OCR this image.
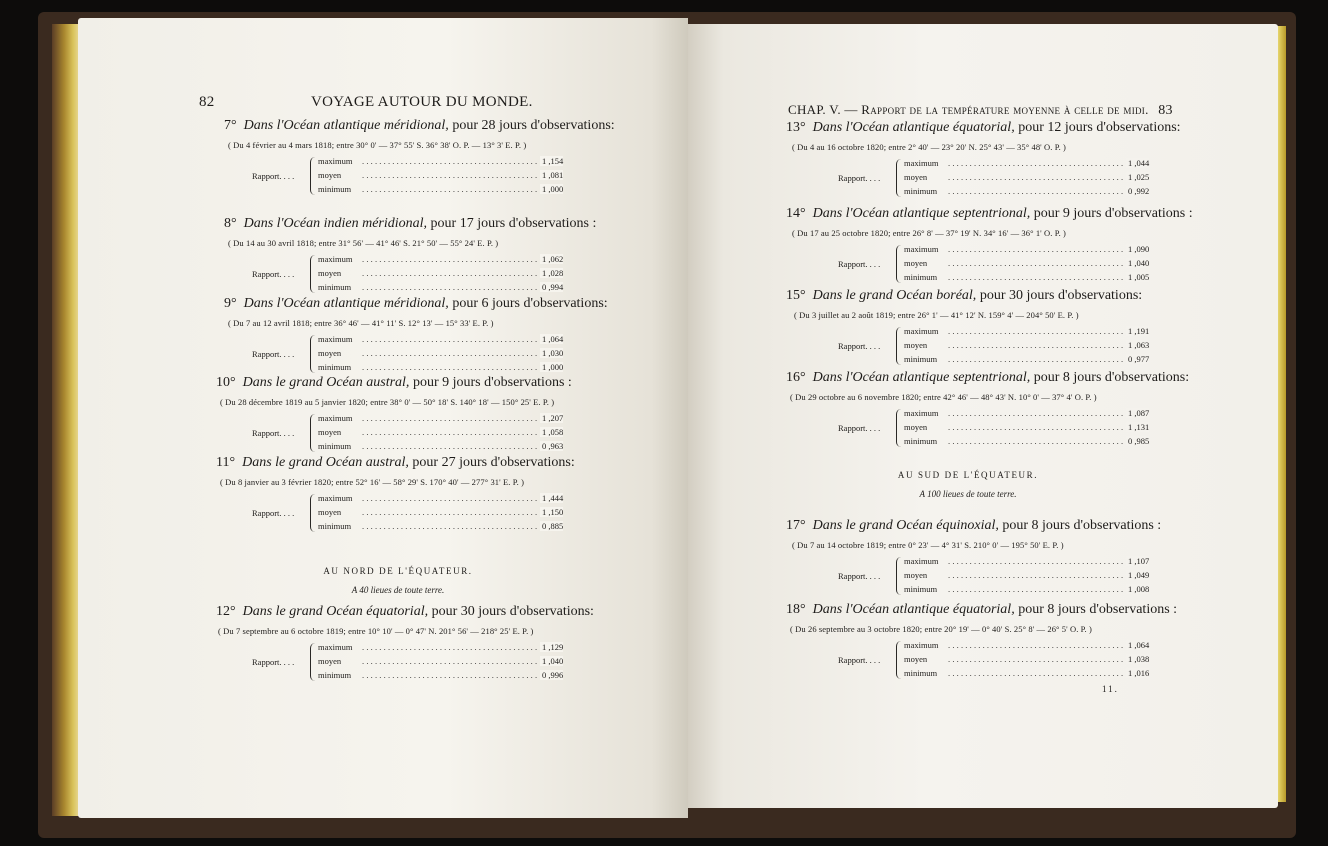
82	VOYAGE AUTOUR DU MONDE.
7° Dans l'Océan atlantique méridional, pour 28 jours d'observations:
( Du 4 février au 4 mars 1818; entre 30° 0' — 37° 55' S. 36° 38' O. P. — 13° 3' E. P. )
Rapport. . . .
maximum ......................................... 1 ,154
moyen ......................................... 1 ,081
minimum ......................................... 1 ,000
8° Dans l'Océan indien méridional, pour 17 jours d'observations :
( Du 14 au 30 avril 1818; entre 31° 56' — 41° 46' S. 21° 50' — 55° 24' E. P. )
Rapport. . . .
maximum ......................................... 1 ,062
moyen ......................................... 1 ,028
minimum ......................................... 0 ,994
9° Dans l'Océan atlantique méridional, pour 6 jours d'observations:
( Du 7 au 12 avril 1818; entre 36° 46' — 41° 11' S. 12° 13' — 15° 33' E. P. )
Rapport. . . .
maximum ......................................... 1 ,064
moyen ......................................... 1 ,030
minimum ......................................... 1 ,000
10° Dans le grand Océan austral, pour 9 jours d'observations :
( Du 28 décembre 1819 au 5 janvier 1820; entre 38° 0' — 50° 18' S. 140° 18' — 150° 25' E. P. )
Rapport. . . .
maximum ......................................... 1 ,207
moyen ......................................... 1 ,058
minimum ......................................... 0 ,963
11° Dans le grand Océan austral, pour 27 jours d'observations:
( Du 8 janvier au 3 février 1820; entre 52° 16' — 58° 29' S. 170° 40' — 277° 31' E. P. )
Rapport. . . .
maximum ......................................... 1 ,444
moyen ......................................... 1 ,150
minimum ......................................... 0 ,885
AU NORD DE L'ÉQUATEUR.
A 40 lieues de toute terre.
12° Dans le grand Océan équatorial, pour 30 jours d'observations:
( Du 7 septembre au 6 octobre 1819; entre 10° 10' — 0° 47' N. 201° 56' — 218° 25' E. P. )
Rapport. . . .
maximum ......................................... 1 ,129
moyen ......................................... 1 ,040
minimum ......................................... 0 ,996
CHAP. V. — Rapport de la température moyenne à celle de midi. 83
13° Dans l'Océan atlantique équatorial, pour 12 jours d'observations:
( Du 4 au 16 octobre 1820; entre 2° 40' — 23° 20' N. 25° 43' — 35° 48' O. P. )
Rapport. . . .
maximum ......................................... 1 ,044
moyen ......................................... 1 ,025
minimum ......................................... 0 ,992
14° Dans l'Océan atlantique septentrional, pour 9 jours d'observations :
( Du 17 au 25 octobre 1820; entre 26° 8' — 37° 19' N. 34° 16' — 36° 1' O. P. )
Rapport. . . .
maximum ......................................... 1 ,090
moyen ......................................... 1 ,040
minimum ......................................... 1 ,005
15° Dans le grand Océan boréal, pour 30 jours d'observations:
( Du 3 juillet au 2 août 1819; entre 26° 1' — 41° 12' N. 159° 4' — 204° 50' E. P. )
Rapport. . . .
maximum ......................................... 1 ,191
moyen ......................................... 1 ,063
minimum ......................................... 0 ,977
16° Dans l'Océan atlantique septentrional, pour 8 jours d'observations:
( Du 29 octobre au 6 novembre 1820; entre 42° 46' — 48° 43' N. 10° 0' — 37° 4' O. P. )
Rapport. . . .
maximum ......................................... 1 ,087
moyen ......................................... 1 ,131
minimum ......................................... 0 ,985
AU SUD DE L'ÉQUATEUR.
A 100 lieues de toute terre.
17° Dans le grand Océan équinoxial, pour 8 jours d'observations :
( Du 7 au 14 octobre 1819; entre 0° 23' — 4° 31' S. 210° 0' — 195° 50' E. P. )
Rapport. . . .
maximum ......................................... 1 ,107
moyen ......................................... 1 ,049
minimum ......................................... 1 ,008
18° Dans l'Océan atlantique équatorial, pour 8 jours d'observations :
( Du 26 septembre au 3 octobre 1820; entre 20° 19' — 0° 40' S. 25° 8' — 26° 5' O. P. )
Rapport. . . .
maximum ......................................... 1 ,064
moyen ......................................... 1 ,038
minimum ......................................... 1 ,016
11.
